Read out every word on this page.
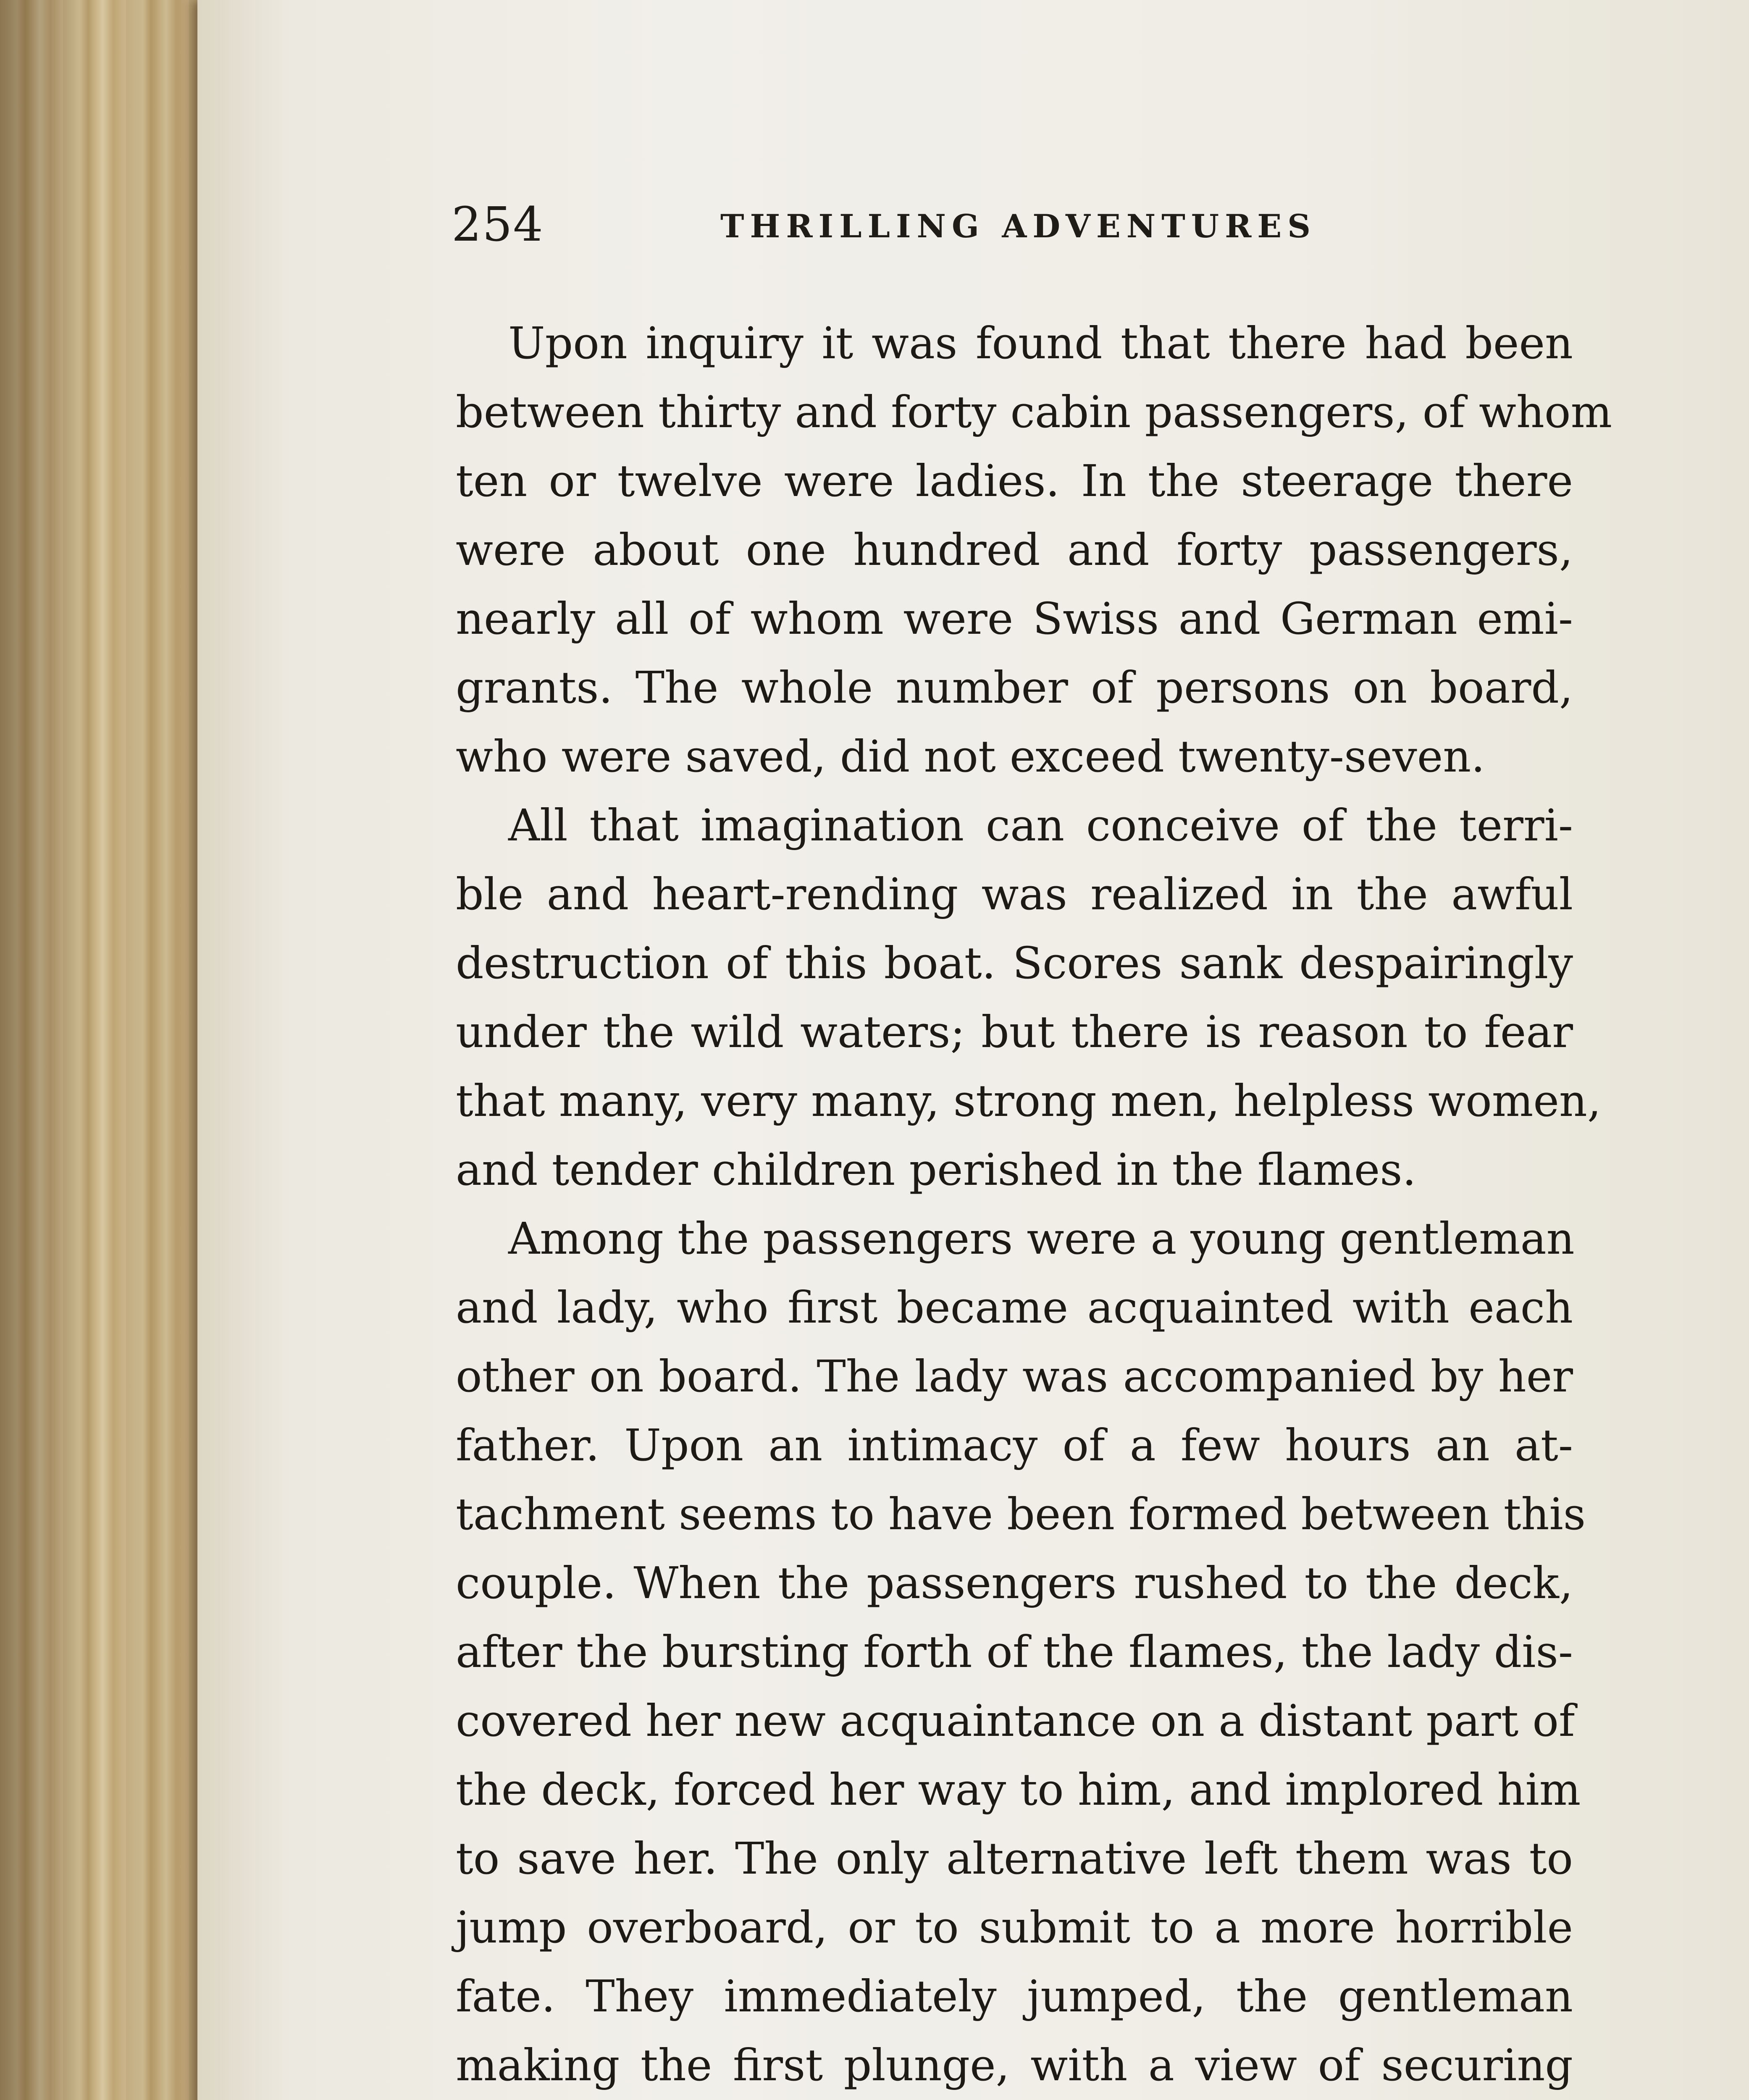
254	THRILLING ADVENTURES
Upon inquiry it was found that there had been
between thirty and forty cabin passengers, of whom
ten or twelve were ladies. In the steerage there
were about one hundred and forty passengers,
nearly all of whom were Swiss and German emi-
grants. The whole number of persons on board,
who were saved, did not exceed twenty-seven.
All that imagination can conceive of the terri-
ble and heart-rending was realized in the awful
destruction of this boat. Scores sank despairingly
under the wild waters; but there is reason to fear
that many, very many, strong men, helpless women,
and tender children perished in the flames.
Among the passengers were a young gentleman
and lady, who first became acquainted with each
other on board. The lady was accompanied by her
father. Upon an intimacy of a few hours an at-
tachment seems to have been formed between this
couple. When the passengers rushed to the deck,
after the bursting forth of the flames, the lady dis-
covered her new acquaintance on a distant part of
the deck, forced her way to him, and implored him
to save her. The only alternative left them was to
jump overboard, or to submit to a more horrible
fate. They immediately jumped, the gentleman
making the first plunge, with a view of securing
